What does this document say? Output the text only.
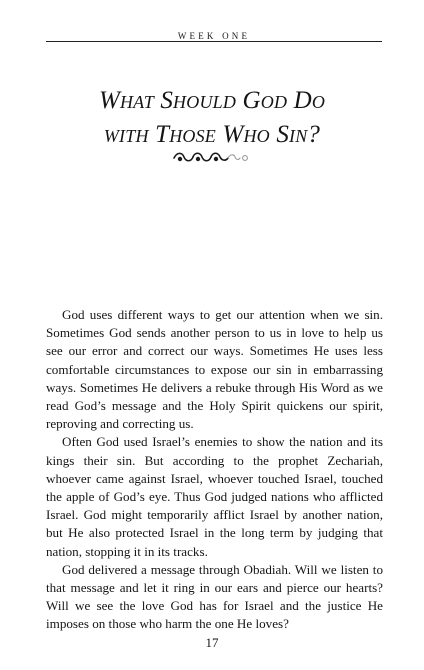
WEEK ONE
What Should God Do
with Those Who Sin?

God uses different ways to get our attention when we sin. Sometimes God sends another person to us in love to help us see our error and correct our ways. Sometimes He uses less comfortable circumstances to expose our sin in embarrassing ways. Sometimes He delivers a rebuke through His Word as we read God’s message and the Holy Spirit quickens our spirit, reproving and correcting us.

Often God used Israel’s enemies to show the nation and its kings their sin. But according to the prophet Zechariah, whoever came against Israel, whoever touched Israel, touched the apple of God’s eye. Thus God judged nations who afflicted Israel. God might temporarily afflict Israel by another nation, but He also protected Israel in the long term by judging that nation, stopping it in its tracks.

God delivered a message through Obadiah. Will we listen to that message and let it ring in our ears and pierce our hearts? Will we see the love God has for Israel and the justice He imposes on those who harm the one He loves?

17
